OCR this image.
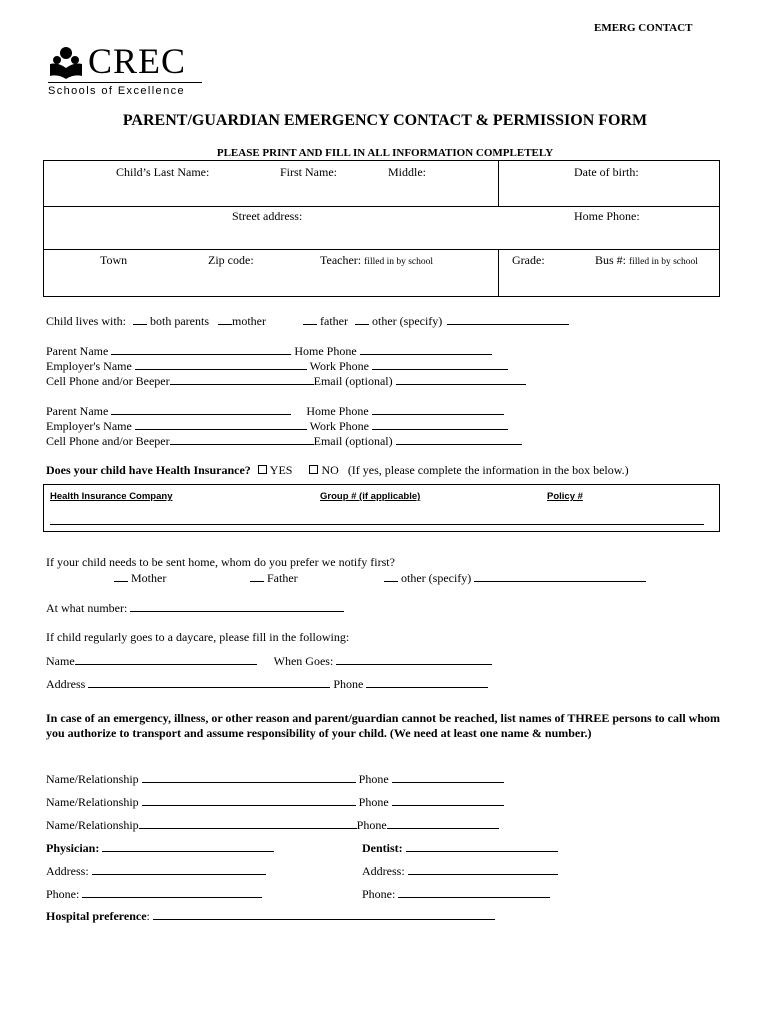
EMERG CONTACT
CREC
Schools of Excellence
PARENT/GUARDIAN EMERGENCY CONTACT & PERMISSION FORM
PLEASE PRINT AND FILL IN ALL INFORMATION COMPLETELY
Child’s Last Name:	First Name:	Middle:	Date of birth:
Street address:	Home Phone:
Town	Zip code:	Teacher: filled in by school	Grade:	Bus #: filled in by school
Child lives with: both parents mother	father other (specify)
Parent Name	Home Phone
Employer's Name	Work Phone
Cell Phone and/or Beeper	Email (optional)
Parent Name	Home Phone
Employer's Name	Work Phone
Cell Phone and/or Beeper	Email (optional)
Does your child have Health Insurance? YES NO (If yes, please complete the information in the box below.)
Health Insurance Company	Group # (if applicable)	Policy #
If your child needs to be sent home, whom do you prefer we notify first?
Mother	Father	other (specify)
At what number:
If child regularly goes to a daycare, please fill in the following:
Name	When Goes:
Address	Phone
In case of an emergency, illness, or other reason and parent/guardian cannot be reached, list names of THREE persons to call whom you authorize to transport and assume responsibility of your child. (We need at least one name & number.)
Name/Relationship	Phone
Name/Relationship	Phone
Name/Relationship	Phone
Physician:	Dentist:
Address:	Address:
Phone:	Phone:
Hospital preference:
